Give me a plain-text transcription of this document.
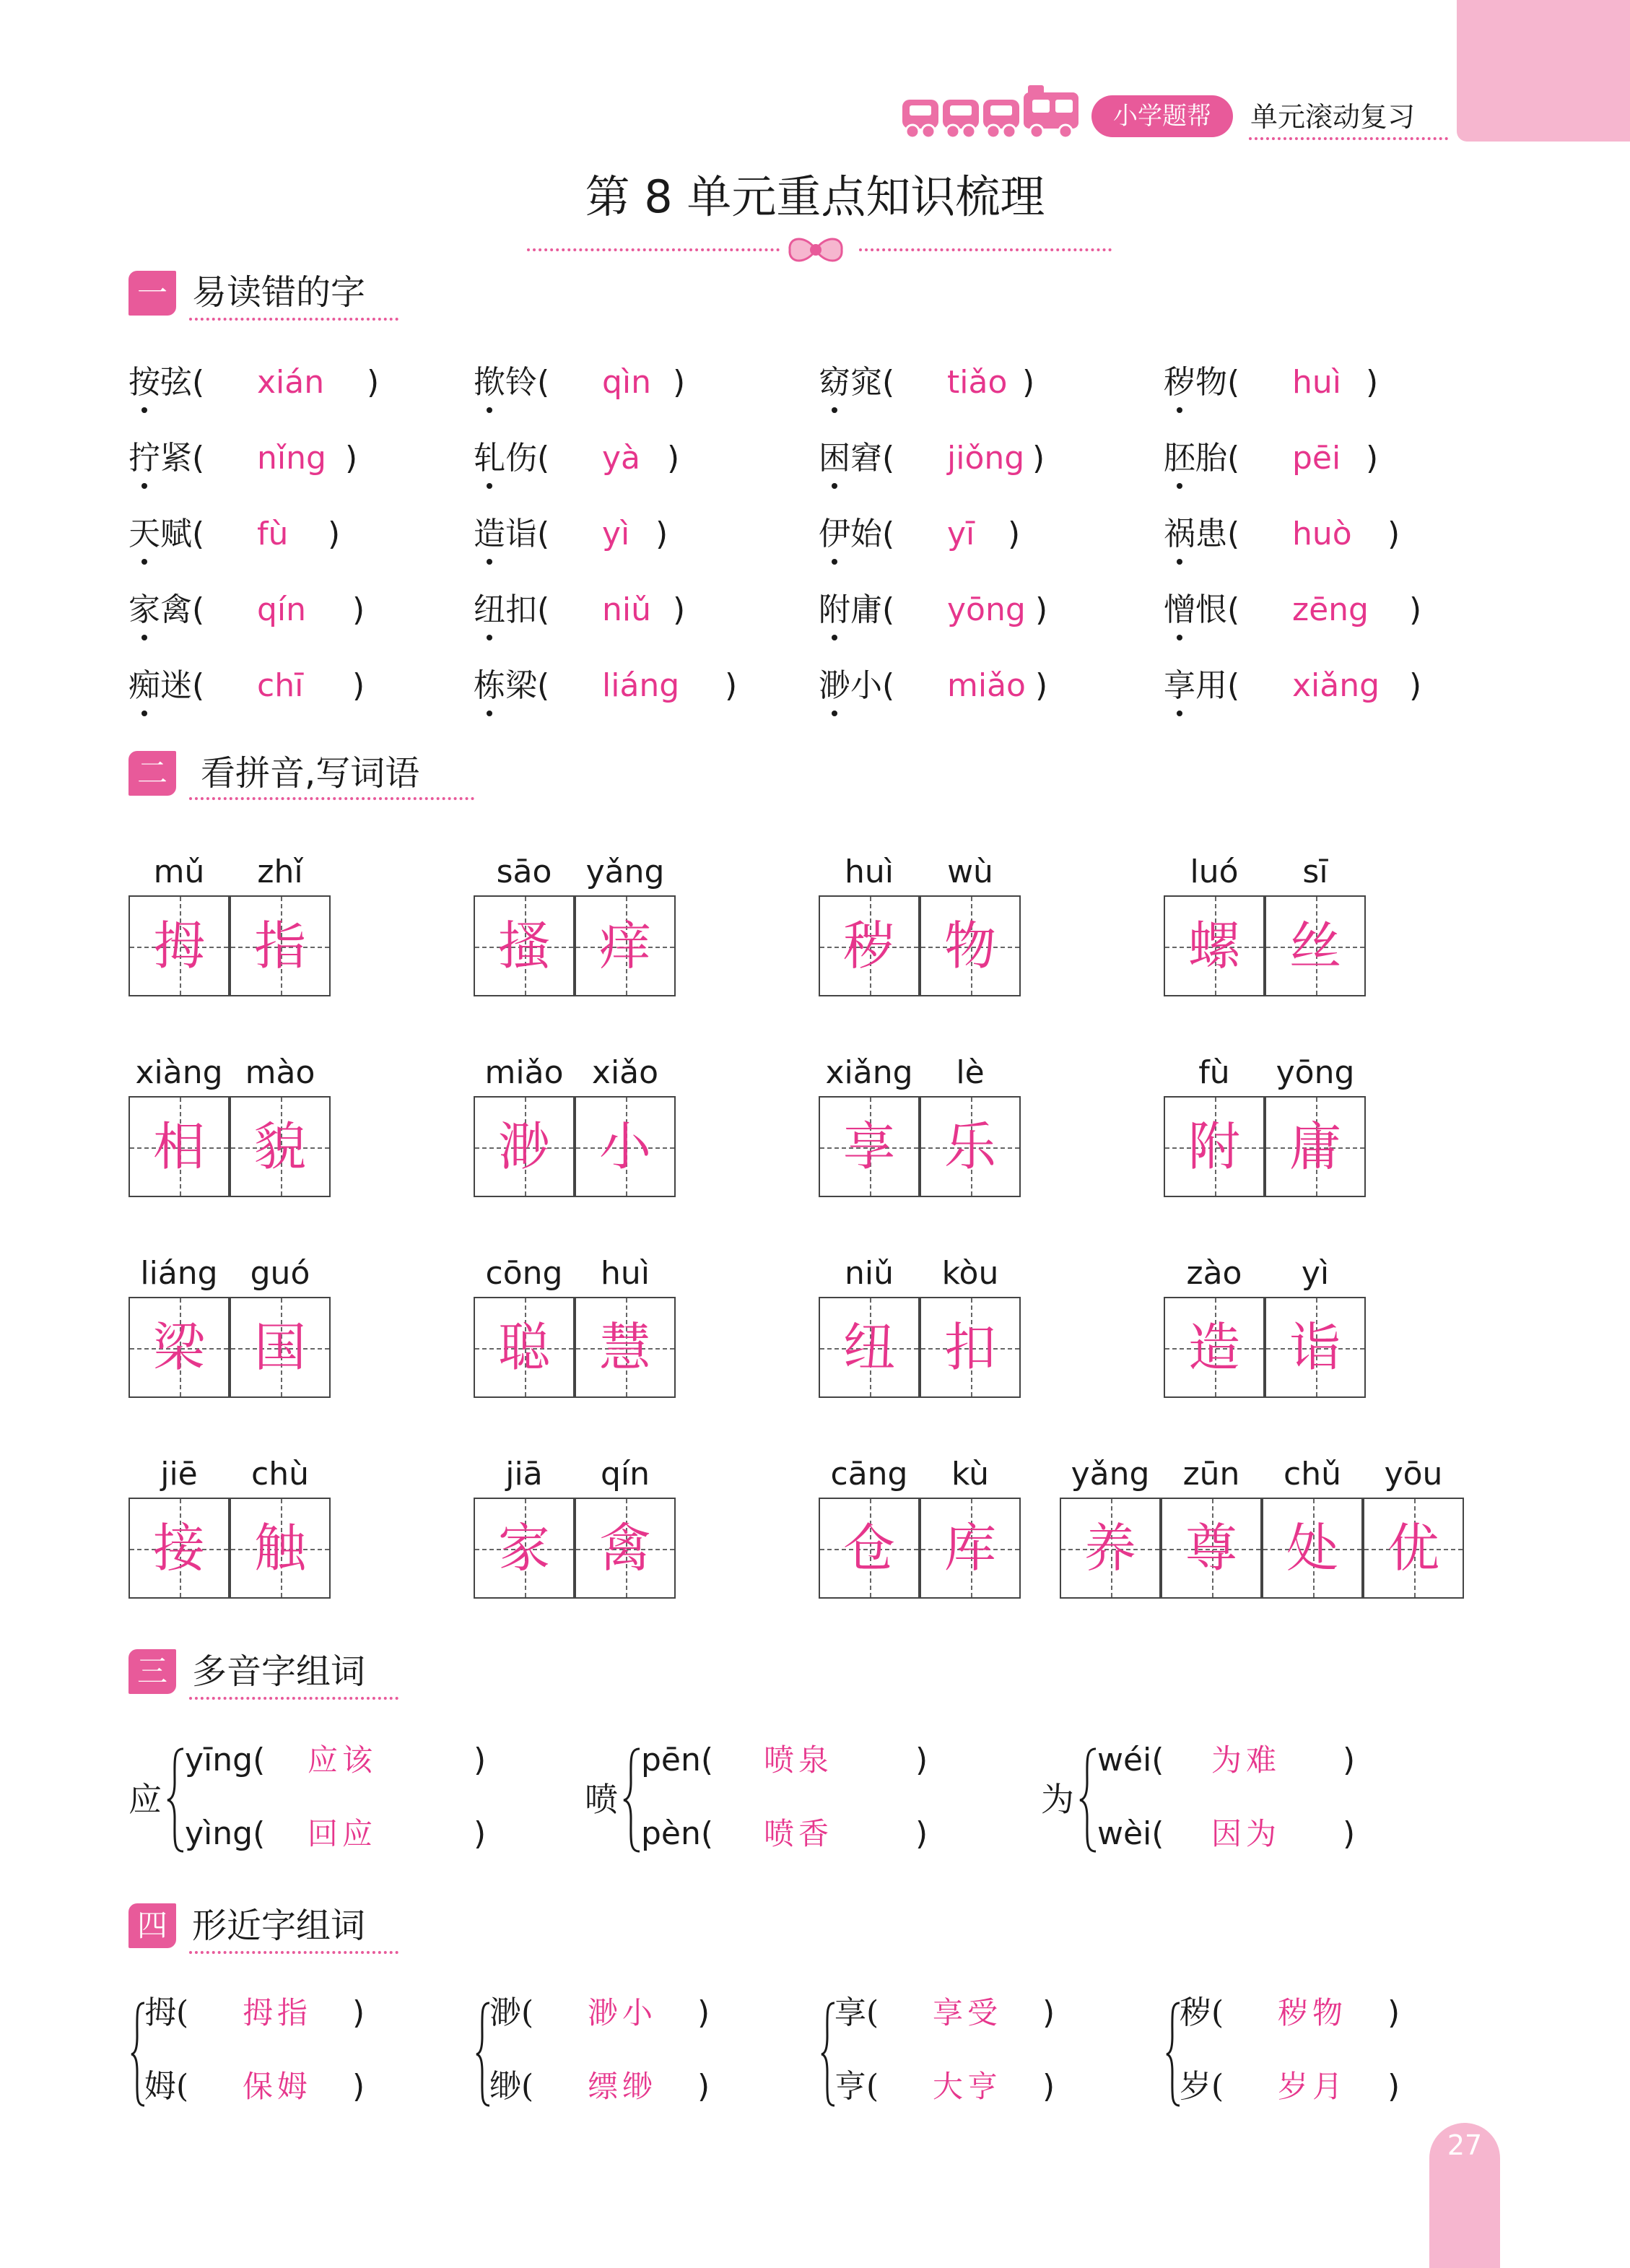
小学题帮	单元滚动复习
第 8 单元重点知识梳理
一 易读错的字
按弦( xián )	揿铃( qìn )	窈窕( tiǎo )	秽物( huì )
拧紧( nǐng )	轧伤( yà )	困窘( jiǒng )	胚胎( pēi )
天赋( fù )	造诣( yì )	伊始( yī )	祸患( huò )
家禽( qín )	纽扣( niǔ )	附庸( yōng )	憎恨( zēng )
痴迷( chī )	栋梁( liáng )	渺小( miǎo )	享用( xiǎng )
二 看拼音,写词语
mǔ
拇
zhǐ
指
sāo
搔
yǎng
痒
huì
秽
wù
物
luó
螺
sī
丝
xiàng
相
mào
貌
miǎo
渺
xiǎo
小
xiǎng
享
lè
乐
fù
附
yōng
庸
liáng
梁
guó
国
cōng
聪
huì
慧
niǔ
纽
kòu
扣
zào
造
yì
诣
jiē
接
chù
触
jiā
家
qín
禽
cāng
仓
kù
库
yǎng
养
zūn
尊
chǔ
处
yōu
优
三 多音字组词
应
yīng( 应该	)
yìng( 回应	)
喷
pēn( 喷泉	)
pèn( 喷香	)
为
wéi( 为难 )
wèi( 因为 )
四 形近字组词
拇( 拇指 )
姆( 保姆 )
渺( 渺小 )
缈( 缥缈 )
享( 享受 )
亨( 大亨 )
秽( 秽物 )
岁( 岁月 )
27
